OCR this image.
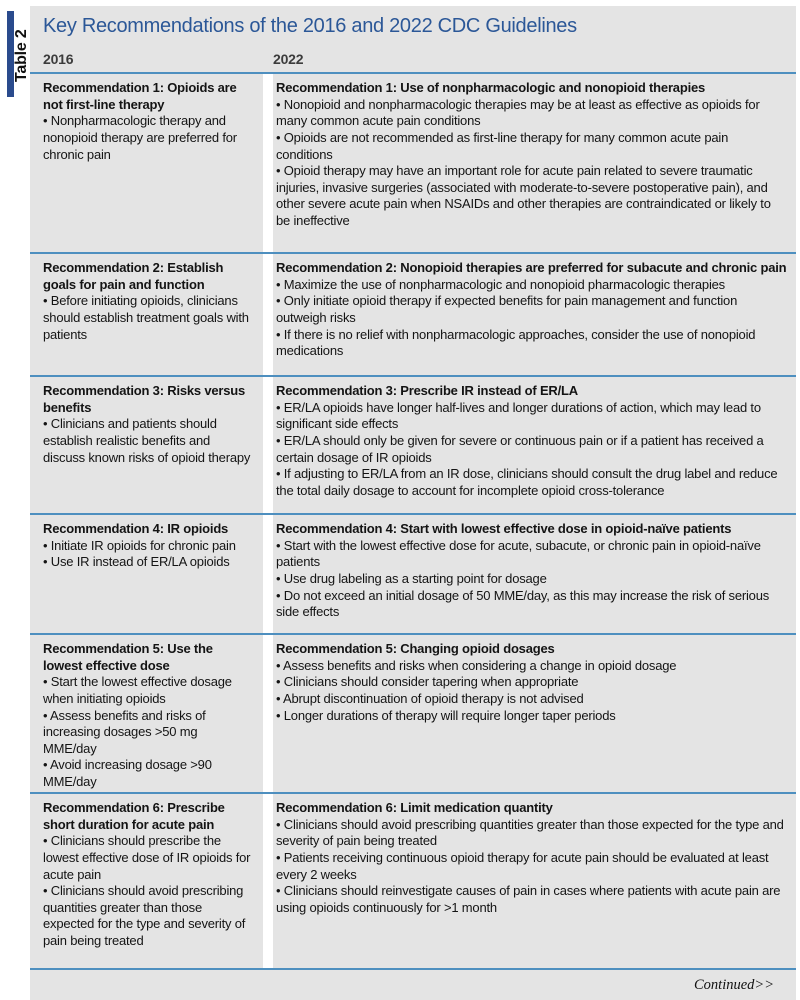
Table 2
Key Recommendations of the 2016 and 2022 CDC Guidelines
2016	2022

Recommendation 1: Opioids are not first-line therapy

• Nonpharmacologic therapy and nonopioid therapy are preferred for chronic pain

Recommendation 1: Use of nonpharmacologic and nonopioid therapies

• Nonopioid and nonpharmacologic therapies may be at least as effective as opioids for many common acute pain conditions

• Opioids are not recommended as first-line therapy for many common acute pain conditions

• Opioid therapy may have an important role for acute pain related to severe traumatic injuries, invasive surgeries (associated with moderate-to-severe postoperative pain), and other severe acute pain when NSAIDs and other therapies are contraindicated or likely to be ineffective

Recommendation 2: Establish goals for pain and function

• Before initiating opioids, clinicians should establish treatment goals with patients

Recommendation 2: Nonopioid therapies are preferred for subacute and chronic pain

• Maximize the use of nonpharmacologic and nonopioid pharmacologic therapies

• Only initiate opioid therapy if expected benefits for pain management and function outweigh risks

• If there is no relief with nonpharmacologic approaches, consider the use of nonopioid medications

Recommendation 3: Risks versus benefits

• Clinicians and patients should establish realistic benefits and discuss known risks of opioid therapy

Recommendation 3: Prescribe IR instead of ER/LA

• ER/LA opioids have longer half-lives and longer durations of action, which may lead to significant side effects

• ER/LA should only be given for severe or continuous pain or if a patient has received a certain dosage of IR opioids

• If adjusting to ER/LA from an IR dose, clinicians should consult the drug label and reduce the total daily dosage to account for incomplete opioid cross-tolerance

Recommendation 4: IR opioids

• Initiate IR opioids for chronic pain

• Use IR instead of ER/LA opioids

Recommendation 4: Start with lowest effective dose in opioid-naïve patients

• Start with the lowest effective dose for acute, subacute, or chronic pain in opioid-naïve patients

• Use drug labeling as a starting point for dosage

• Do not exceed an initial dosage of 50 MME/day, as this may increase the risk of serious side effects

Recommendation 5: Use the lowest effective dose

• Start the lowest effective dosage when initiating opioids

• Assess benefits and risks of increasing dosages >50 mg MME/day

• Avoid increasing dosage >90 MME/day

Recommendation 5: Changing opioid dosages

• Assess benefits and risks when considering a change in opioid dosage

• Clinicians should consider tapering when appropriate

• Abrupt discontinuation of opioid therapy is not advised

• Longer durations of therapy will require longer taper periods

Recommendation 6: Prescribe short duration for acute pain

• Clinicians should prescribe the lowest effective dose of IR opioids for acute pain

• Clinicians should avoid prescribing quantities greater than those expected for the type and severity of pain being treated

Recommendation 6: Limit medication quantity

• Clinicians should avoid prescribing quantities greater than those expected for the type and severity of pain being treated

• Patients receiving continuous opioid therapy for acute pain should be evaluated at least every 2 weeks

• Clinicians should reinvestigate causes of pain in cases where patients with acute pain are using opioids continuously for >1 month

Continued>>
